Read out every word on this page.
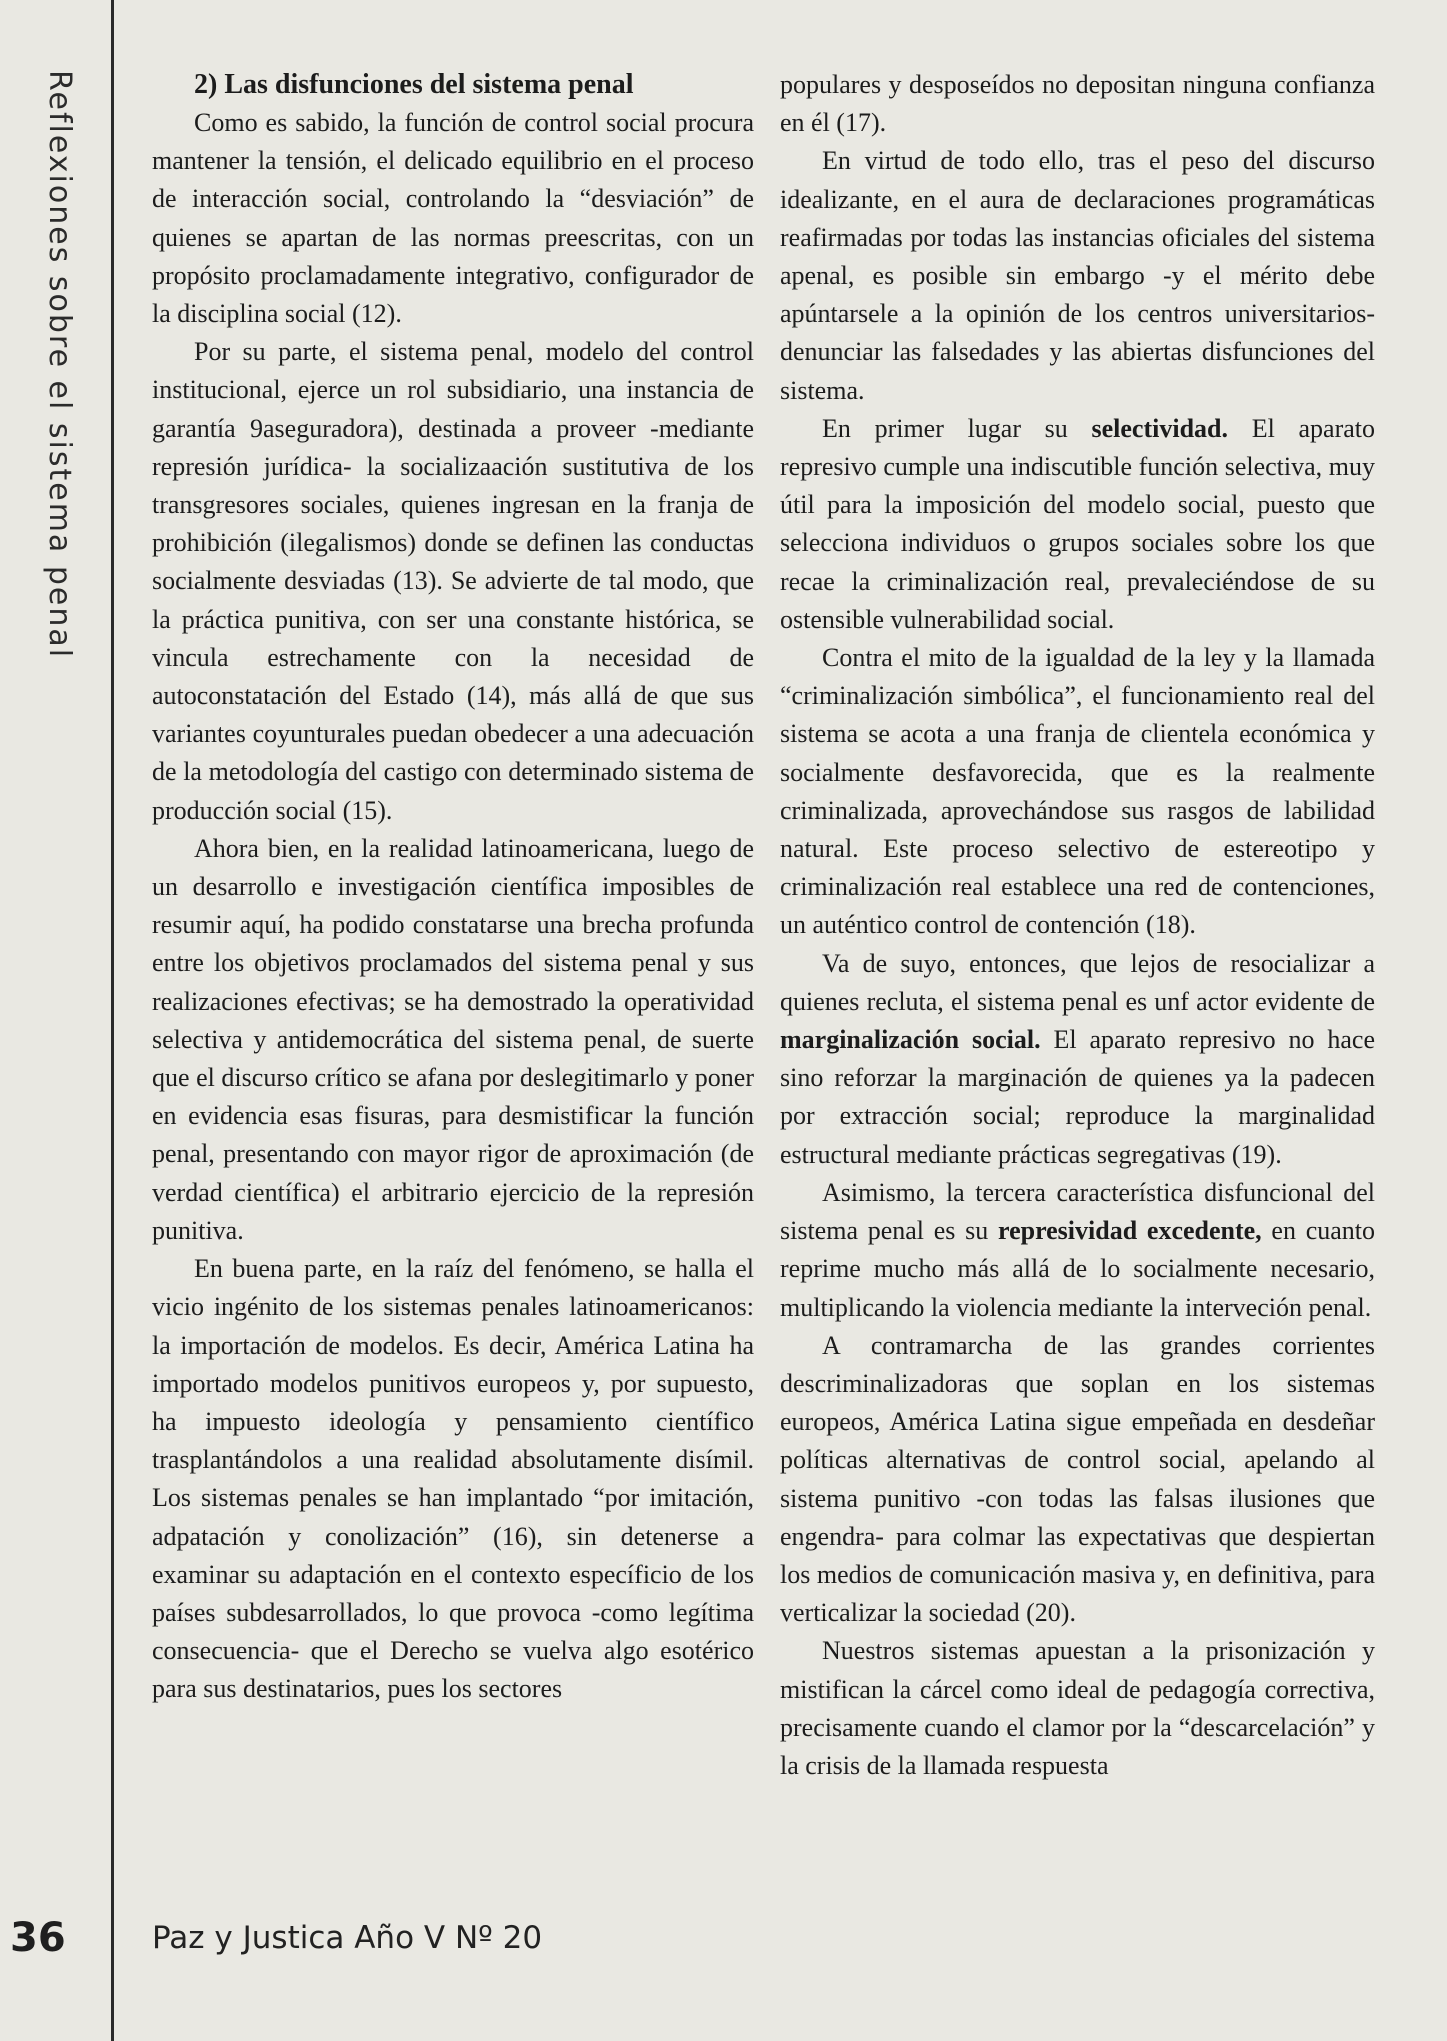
Reflexiones sobre el sistema penal	2) Las disfunciones del sistema penal

Como es sabido, la función de control social procura mantener la tensión, el delicado equilibrio en el proceso de interacción social, controlando la “desviación” de quienes se apartan de las normas preescritas, con un propósito proclamadamente integrativo, configurador de la disciplina social (12).

Por su parte, el sistema penal, modelo del control institucional, ejerce un rol subsidiario, una instancia de garantía 9aseguradora), destinada a proveer -mediante represión jurídica- la socializaación sustitutiva de los transgresores sociales, quienes ingresan en la franja de prohibición (ilegalismos) donde se definen las conductas socialmente desviadas (13). Se advierte de tal modo, que la práctica punitiva, con ser una constante histórica, se vincula estrechamente con la necesidad de autoconstatación del Estado (14), más allá de que sus variantes coyunturales puedan obedecer a una adecuación de la metodología del castigo con determinado sistema de producción social (15).

Ahora bien, en la realidad latinoamericana, luego de un desarrollo e investigación científica imposibles de resumir aquí, ha podido constatarse una brecha profunda entre los objetivos proclamados del sistema penal y sus realizaciones efectivas; se ha demostrado la operatividad selectiva y antidemocrática del sistema penal, de suerte que el discurso crítico se afana por deslegitimarlo y poner en evidencia esas fisuras, para desmistificar la función penal, presentando con mayor rigor de aproximación (de verdad científica) el arbitrario ejercicio de la represión punitiva.

En buena parte, en la raíz del fenómeno, se halla el vicio ingénito de los sistemas penales latinoamericanos: la importación de modelos. Es decir, América Latina ha importado modelos punitivos europeos y, por supuesto, ha impuesto ideología y pensamiento científico trasplantándolos a una realidad absolutamente disímil. Los sistemas penales se han implantado “por imitación, adpatación y conolización” (16), sin detenerse a examinar su adaptación en el contexto específicio de los países subdesarrollados, lo que provoca -como legítima consecuencia- que el Derecho se vuelva algo esotérico para sus destinatarios, pues los sectores

populares y desposeídos no depositan ninguna confianza en él (17).

En virtud de todo ello, tras el peso del discurso idealizante, en el aura de declaraciones programáticas reafirmadas por todas las instancias oficiales del sistema apenal, es posible sin embargo -y el mérito debe apúntarsele a la opinión de los centros universitarios- denunciar las falsedades y las abiertas disfunciones del sistema.

En primer lugar su selectividad. El aparato represivo cumple una indiscutible función selectiva, muy útil para la imposición del modelo social, puesto que selecciona individuos o grupos sociales sobre los que recae la criminalización real, prevaleciéndose de su ostensible vulnerabilidad social.

Contra el mito de la igualdad de la ley y la llamada “criminalización simbólica”, el funcionamiento real del sistema se acota a una franja de clientela económica y socialmente desfavorecida, que es la realmente criminalizada, aprovechándose sus rasgos de labilidad natural. Este proceso selectivo de estereotipo y criminalización real establece una red de contenciones, un auténtico control de contención (18).

Va de suyo, entonces, que lejos de resocializar a quienes recluta, el sistema penal es unf actor evidente de marginalización social. El aparato represivo no hace sino reforzar la marginación de quienes ya la padecen por extracción social; reproduce la marginalidad estructural mediante prácticas segregativas (19).

Asimismo, la tercera característica disfuncional del sistema penal es su represividad excedente, en cuanto reprime mucho más allá de lo socialmente necesario, multiplicando la violencia mediante la interveción penal.

A contramarcha de las grandes corrientes descriminalizadoras que soplan en los sistemas europeos, América Latina sigue empeñada en desdeñar políticas alternativas de control social, apelando al sistema punitivo -con todas las falsas ilusiones que engendra- para colmar las expectativas que despiertan los medios de comunicación masiva y, en definitiva, para verticalizar la sociedad (20).

Nuestros sistemas apuestan a la prisonización y mistifican la cárcel como ideal de pedagogía correctiva, precisamente cuando el clamor por la “descarcelación” y la crisis de la llamada respuesta

36	Paz y Justica Año V Nº 20
